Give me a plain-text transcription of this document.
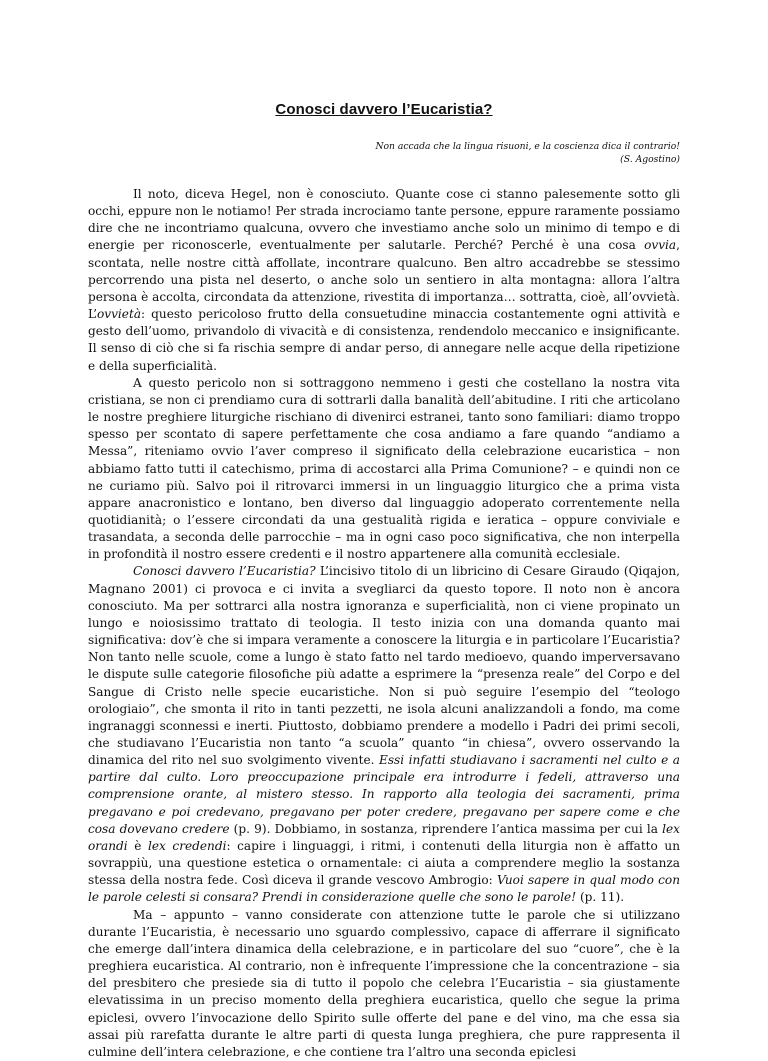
Conosci davvero l’Eucaristia?
Non accada che la lingua risuoni, e la coscienza dica il contrario!
(S. Agostino)

Il noto, diceva Hegel, non è conosciuto. Quante cose ci stanno palesemente sotto gli occhi, eppure non le notiamo! Per strada incrociamo tante persone, eppure raramente possiamo dire che ne incontriamo qualcuna, ovvero che investiamo anche solo un minimo di tempo e di energie per riconoscerle, eventualmente per salutarle. Perché? Perché è una cosa ovvia, scontata, nelle nostre città affollate, incontrare qualcuno. Ben altro accadrebbe se stessimo percorrendo una pista nel deserto, o anche solo un sentiero in alta montagna: allora l’altra persona è accolta, circondata da attenzione, rivestita di importanza… sottratta, cioè, all’ovvietà. L’ovvietà: questo pericoloso frutto della consuetudine minaccia costantemente ogni attività e gesto dell’uomo, privandolo di vivacità e di consistenza, rendendolo meccanico e insignificante. Il senso di ciò che si fa rischia sempre di andar perso, di annegare nelle acque della ripetizione e della superficialità.

A questo pericolo non si sottraggono nemmeno i gesti che costellano la nostra vita cristiana, se non ci prendiamo cura di sottrarli dalla banalità dell’abitudine. I riti che articolano le nostre preghiere liturgiche rischiano di divenirci estranei, tanto sono familiari: diamo troppo spesso per scontato di sapere perfettamente che cosa andiamo a fare quando “andiamo a Messa”, riteniamo ovvio l’aver compreso il significato della celebrazione eucaristica – non abbiamo fatto tutti il catechismo, prima di accostarci alla Prima Comunione? – e quindi non ce ne curiamo più. Salvo poi il ritrovarci immersi in un linguaggio liturgico che a prima vista appare anacronistico e lontano, ben diverso dal linguaggio adoperato correntemente nella quotidianità; o l’essere circondati da una gestualità rigida e ieratica – oppure conviviale e trasandata, a seconda delle parrocchie – ma in ogni caso poco significativa, che non interpella in profondità il nostro essere credenti e il nostro appartenere alla comunità ecclesiale.

Conosci davvero l’Eucaristia? L’incisivo titolo di un libricino di Cesare Giraudo (Qiqajon, Magnano 2001) ci provoca e ci invita a svegliarci da questo topore. Il noto non è ancora conosciuto. Ma per sottrarci alla nostra ignoranza e superficialità, non ci viene propinato un lungo e noiosissimo trattato di teologia. Il testo inizia con una domanda quanto mai significativa: dov’è che si impara veramente a conoscere la liturgia e in particolare l’Eucaristia? Non tanto nelle scuole, come a lungo è stato fatto nel tardo medioevo, quando imperversavano le dispute sulle categorie filosofiche più adatte a esprimere la “presenza reale” del Corpo e del Sangue di Cristo nelle specie eucaristiche. Non si può seguire l’esempio del “teologo orologiaio”, che smonta il rito in tanti pezzetti, ne isola alcuni analizzandoli a fondo, ma come ingranaggi sconnessi e inerti. Piuttosto, dobbiamo prendere a modello i Padri dei primi secoli, che studiavano l’Eucaristia non tanto “a scuola” quanto “in chiesa”, ovvero osservando la dinamica del rito nel suo svolgimento vivente. Essi infatti studiavano i sacramenti nel culto e a partire dal culto. Loro preoccupazione principale era introdurre i fedeli, attraverso una comprensione orante, al mistero stesso. In rapporto alla teologia dei sacramenti, prima pregavano e poi credevano, pregavano per poter credere, pregavano per sapere come e che cosa dovevano credere (p. 9). Dobbiamo, in sostanza, riprendere l’antica massima per cui la lex orandi è lex credendi: capire i linguaggi, i ritmi, i contenuti della liturgia non è affatto un sovrappiù, una questione estetica o ornamentale: ci aiuta a comprendere meglio la sostanza stessa della nostra fede. Così diceva il grande vescovo Ambrogio: Vuoi sapere in qual modo con le parole celesti si consara? Prendi in considerazione quelle che sono le parole! (p. 11).

Ma – appunto – vanno considerate con attenzione tutte le parole che si utilizzano durante l’Eucaristia, è necessario uno sguardo complessivo, capace di afferrare il significato che emerge dall’intera dinamica della celebrazione, e in particolare del suo “cuore”, che è la preghiera eucaristica. Al contrario, non è infrequente l’impressione che la concentrazione – sia del presbitero che presiede sia di tutto il popolo che celebra l’Eucaristia – sia giustamente elevatissima in un preciso momento della preghiera eucaristica, quello che segue la prima epiclesi, ovvero l’invocazione dello Spirito sulle offerte del pane e del vino, ma che essa sia assai più rarefatta durante le altre parti di questa lunga preghiera, che pure rappresenta il culmine dell’intera celebrazione, e che contiene tra l’altro una seconda epiclesi
